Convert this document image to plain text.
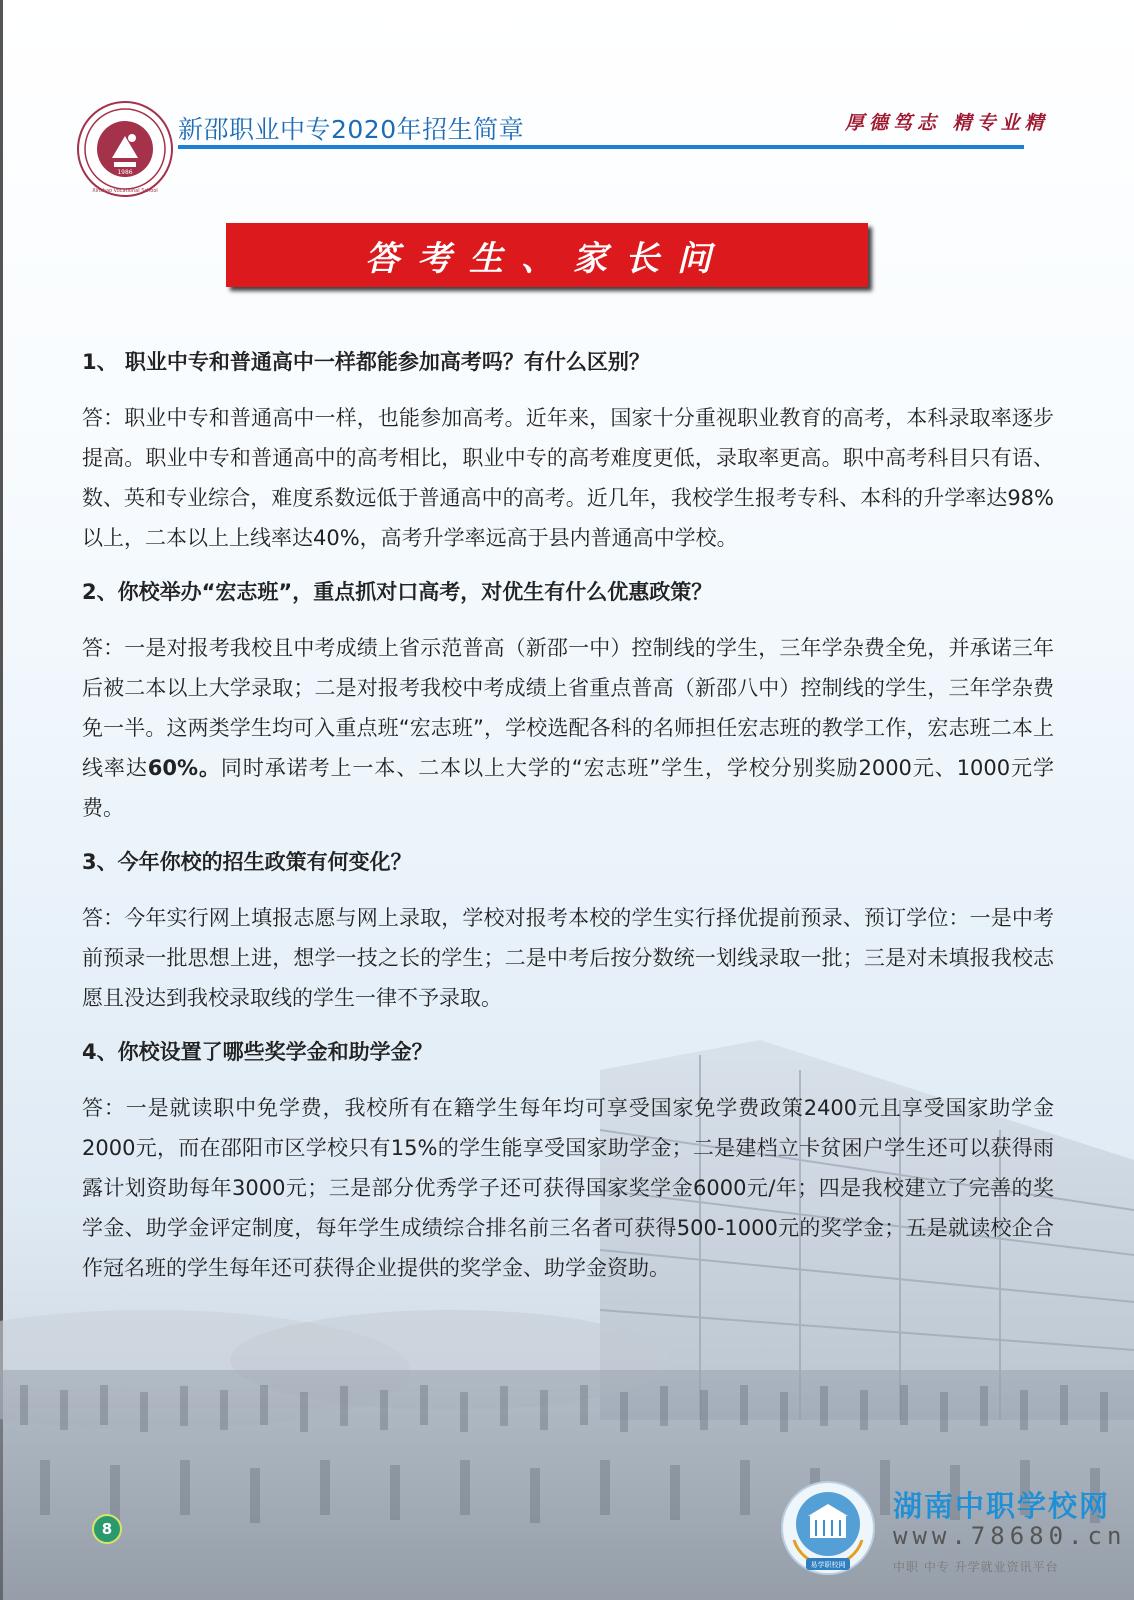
1986
Xinshao Vocational School
新邵职业中专2020年招生简章	厚德笃志 精专业精
答考生、家长问
1、 职业中专和普通高中一样都能参加高考吗？有什么区别？
答：职业中专和普通高中一样，也能参加高考。近年来，国家十分重视职业教育的高考，本科录取率逐步提高。职业中专和普通高中的高考相比，职业中专的高考难度更低，录取率更高。职中高考科目只有语、数、英和专业综合，难度系数远低于普通高中的高考。近几年，我校学生报考专科、本科的升学率达98%以上，二本以上上线率达40%，高考升学率远高于县内普通高中学校。
2、你校举办“宏志班”，重点抓对口高考，对优生有什么优惠政策？
答：一是对报考我校且中考成绩上省示范普高（新邵一中）控制线的学生，三年学杂费全免，并承诺三年后被二本以上大学录取；二是对报考我校中考成绩上省重点普高（新邵八中）控制线的学生，三年学杂费免一半。这两类学生均可入重点班“宏志班”，学校选配各科的名师担任宏志班的教学工作，宏志班二本上线率达60%。同时承诺考上一本、二本以上大学的“宏志班”学生，学校分别奖励2000元、1000元学费。
3、今年你校的招生政策有何变化？
答：今年实行网上填报志愿与网上录取，学校对报考本校的学生实行择优提前预录、预订学位：一是中考前预录一批思想上进，想学一技之长的学生；二是中考后按分数统一划线录取一批；三是对未填报我校志愿且没达到我校录取线的学生一律不予录取。
4、你校设置了哪些奖学金和助学金？
答：一是就读职中免学费，我校所有在籍学生每年均可享受国家免学费政策2400元且享受国家助学金2000元，而在邵阳市区学校只有15%的学生能享受国家助学金；二是建档立卡贫困户学生还可以获得雨露计划资助每年3000元；三是部分优秀学子还可获得国家奖学金6000元/年；四是我校建立了完善的奖学金、助学金评定制度，每年学生成绩综合排名前三名者可获得500-1000元的奖学金；五是就读校企合作冠名班的学生每年还可获得企业提供的奖学金、助学金资助。
8
易学职校网
湖南中职学校网
www.78680.cn
中职 中专 升学就业资讯平台
